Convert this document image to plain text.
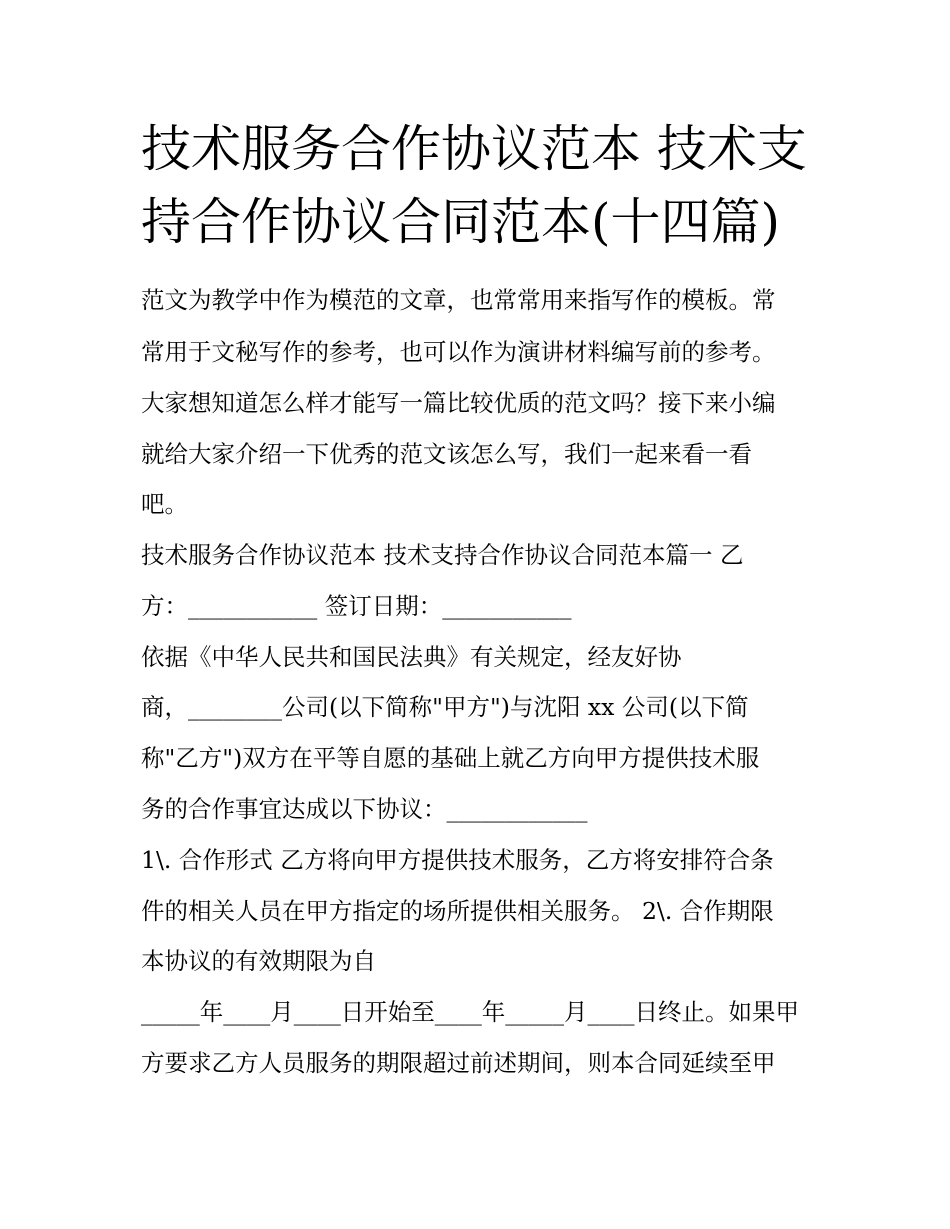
技术服务合作协议范本 技术支
持合作协议合同范本(十四篇)

范文为教学中作为模范的文章，也常常用来指写作的模板。常

常用于文秘写作的参考，也可以作为演讲材料编写前的参考。

大家想知道怎么样才能写一篇比较优质的范文吗？接下来小编

就给大家介绍一下优秀的范文该怎么写，我们一起来看一看

吧。

技术服务合作协议范本 技术支持合作协议合同范本篇一 乙

方：___________ 签订日期：___________

依据《中华人民共和国民法典》有关规定，经友好协

商，________公司(以下简称"甲方")与沈阳 xx 公司(以下简

称"乙方")双方在平等自愿的基础上就乙方向甲方提供技术服

务的合作事宜达成以下协议：____________

1\. 合作形式 乙方将向甲方提供技术服务，乙方将安排符合条

件的相关人员在甲方指定的场所提供相关服务。 2\. 合作期限

本协议的有效期限为自

_____年____月____日开始至____年_____月____日终止。如果甲

方要求乙方人员服务的期限超过前述期间，则本合同延续至甲
